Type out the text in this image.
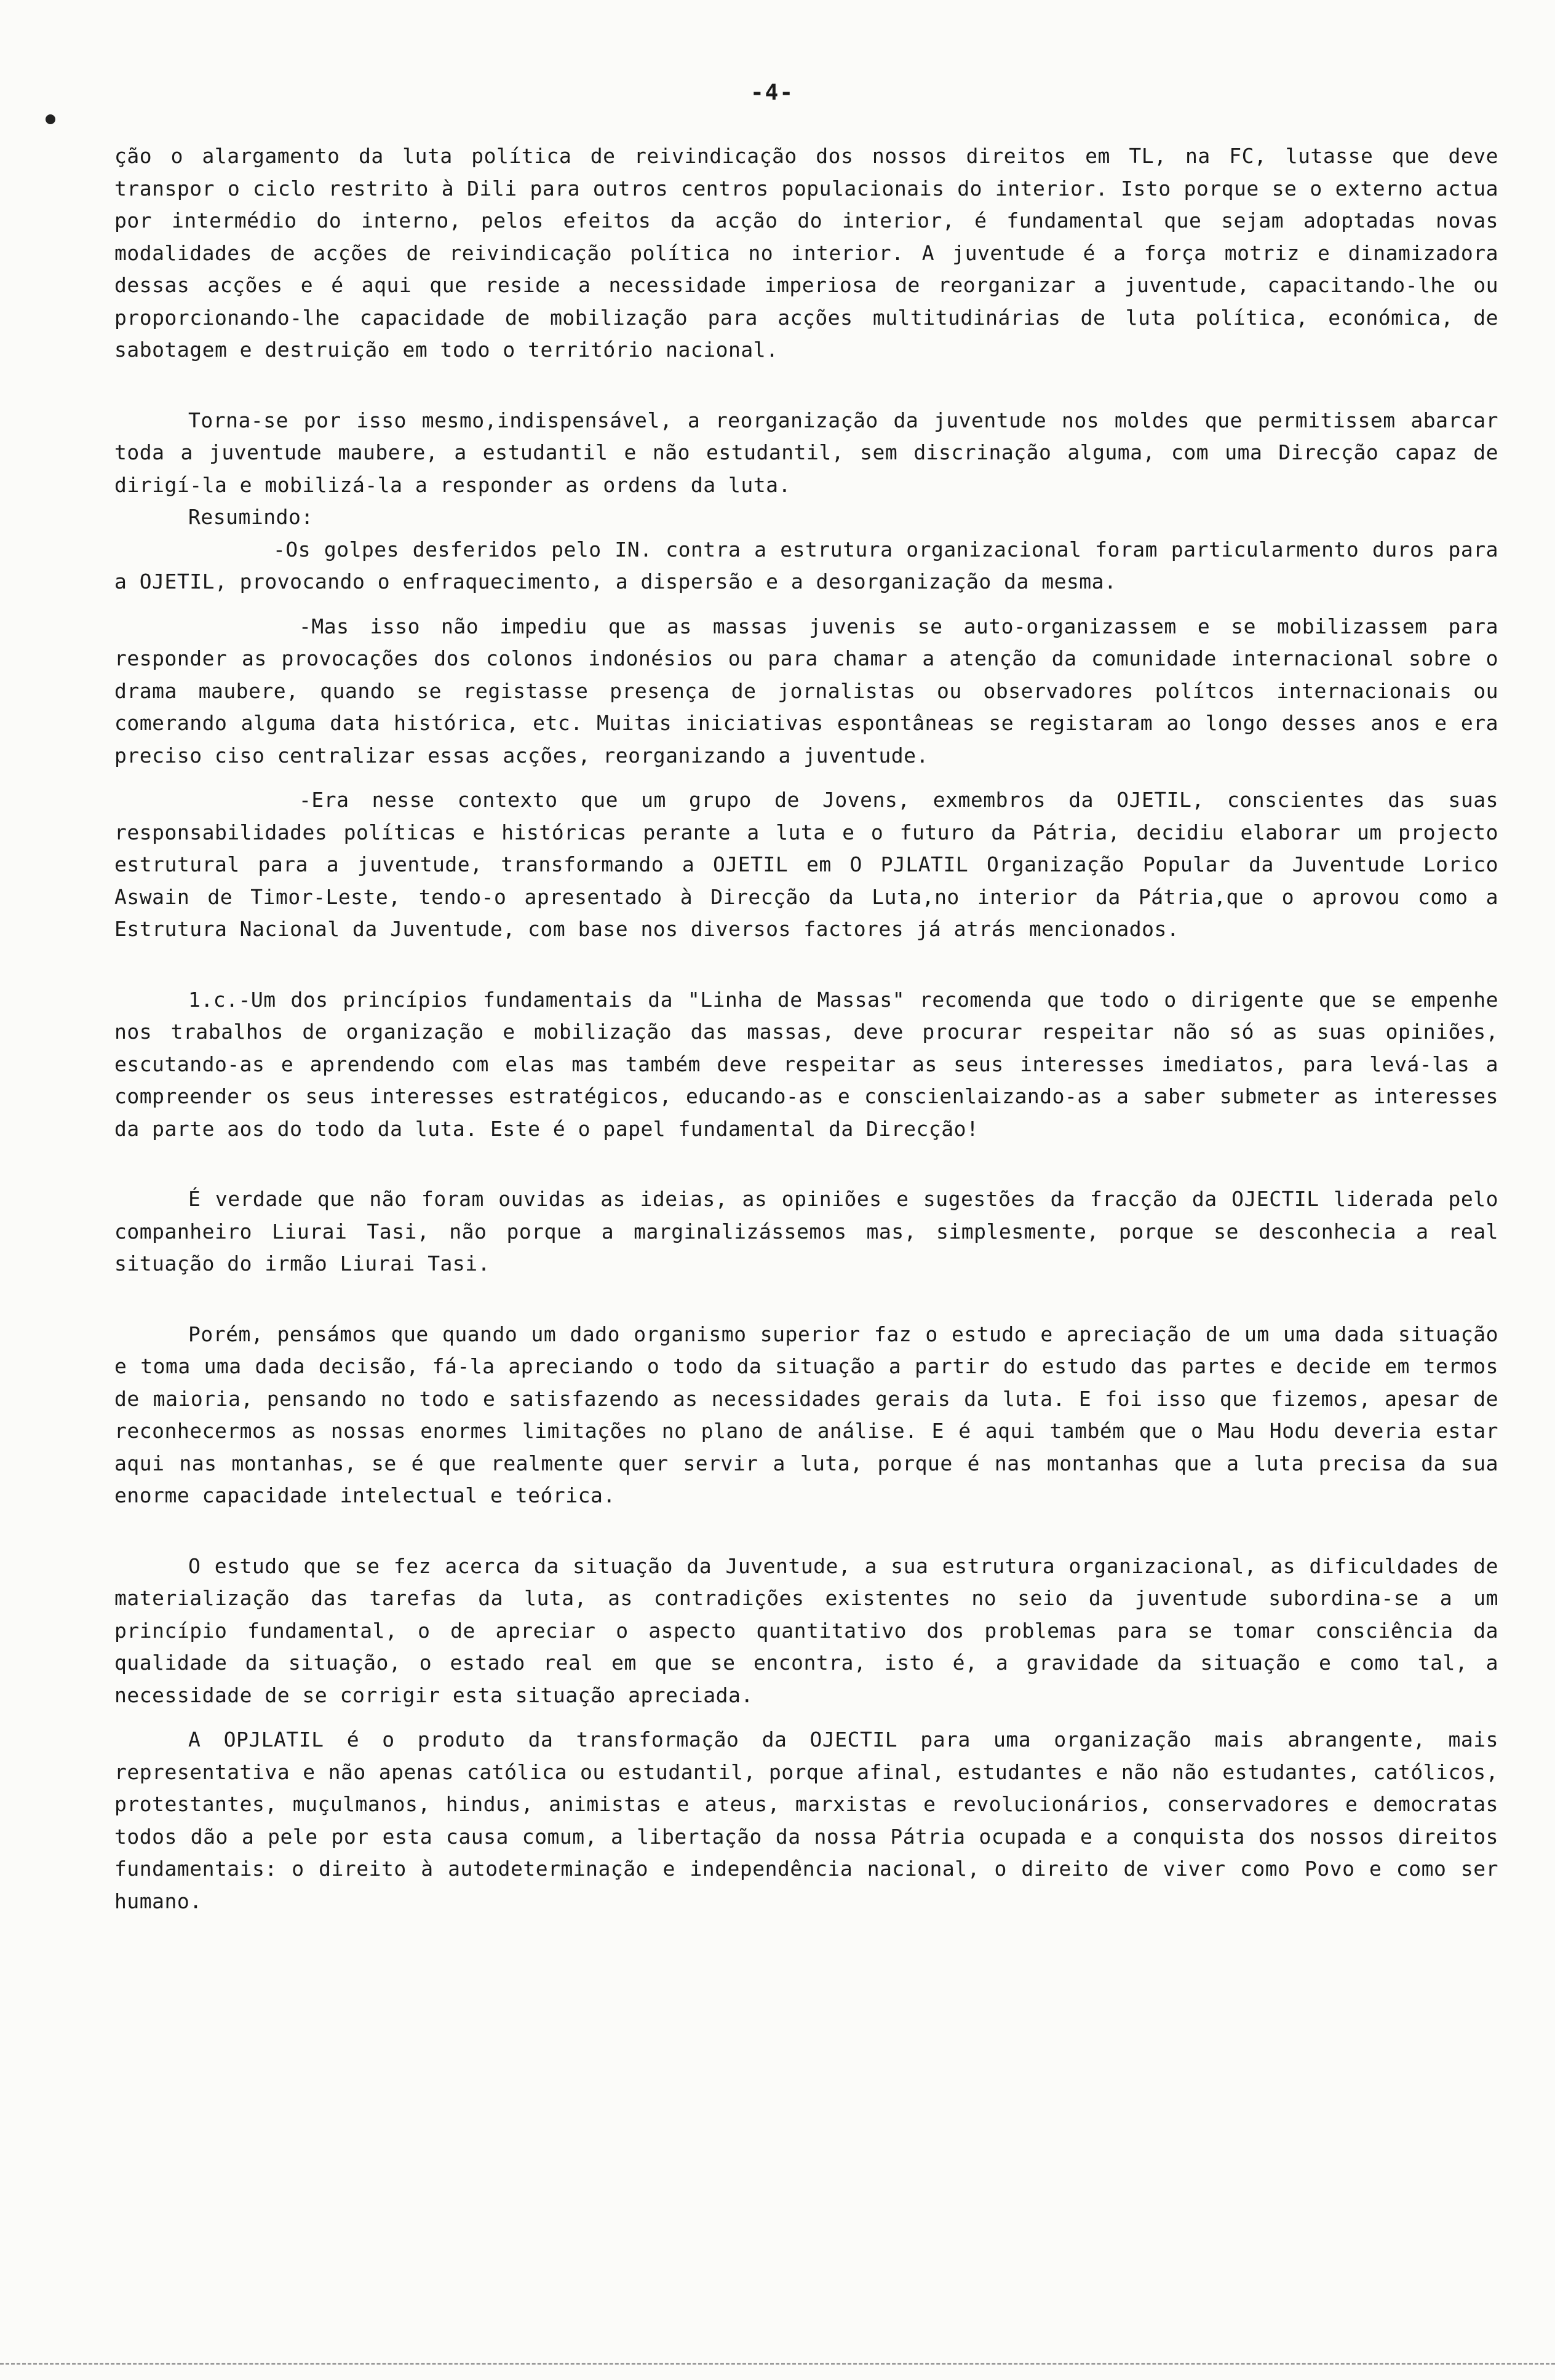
-4-

ção o alargamento da luta política de reivindicação dos nossos direitos em TL, na FC, lutasse que deve transpor o ciclo restrito à Dili para outros centros populacionais do interior. Isto porque se o externo actua por intermédio do interno, pelos efeitos da acção do interior, é fundamental que sejam adoptadas novas modalidades de acções de reivindicação política no interior. A juventude é a força motriz e dinamizadora dessas acções e é aqui que reside a necessidade imperiosa de reorganizar a juventude, capacitando-lhe ou proporcionando-lhe capacidade de mobilização para acções multitudinárias de luta política, económica, de sabotagem e destruição em todo o território nacional.

Torna-se por isso mesmo,indispensável, a reorganização da juventude nos moldes que permitissem abarcar toda a juventude maubere, a estudantil e não estudantil, sem discrinação alguma, com uma Direcção capaz de dirigí-la e mobilizá-la a responder as ordens da luta.

Resumindo:

-Os golpes desferidos pelo IN. contra a estrutura organizacional foram particularmento duros para a OJETIL, provocando o enfraquecimento, a dispersão e a desorganização da mesma.

-Mas isso não impediu que as massas juvenis se auto-organizassem e se mobilizassem para responder as provocações dos colonos indonésios ou para chamar a atenção da comunidade internacional sobre o drama maubere, quando se registasse presença de jornalistas ou observadores polítcos internacionais ou comerando alguma data histórica, etc. Muitas iniciativas espontâneas se registaram ao longo desses anos e era preciso ciso centralizar essas acções, reorganizando a juventude.

-Era nesse contexto que um grupo de Jovens, exmembros da OJETIL, conscientes das suas responsabilidades políticas e históricas perante a luta e o futuro da Pátria, decidiu elaborar um projecto estrutural para a juventude, transformando a OJETIL em O PJLATIL Organização Popular da Juventude Lorico Aswain de Timor-Leste, tendo-o apresentado à Direcção da Luta,no interior da Pátria,que o aprovou como a Estrutura Nacional da Juventude, com base nos diversos factores já atrás mencionados.

1.c.-Um dos princípios fundamentais da "Linha de Massas" recomenda que todo o dirigente que se empenhe nos trabalhos de organização e mobilização das massas, deve procurar respeitar não só as suas opiniões, escutando-as e aprendendo com elas mas também deve respeitar as seus interesses imediatos, para levá-las a compreender os seus interesses estratégicos, educando-as e conscienlaizando-as a saber submeter as interesses da parte aos do todo da luta. Este é o papel fundamental da Direcção!

É verdade que não foram ouvidas as ideias, as opiniões e sugestões da fracção da OJECTIL liderada pelo companheiro Liurai Tasi, não porque a marginalizássemos mas, simplesmente, porque se desconhecia a real situação do irmão Liurai Tasi.

Porém, pensámos que quando um dado organismo superior faz o estudo e apreciação de um uma dada situação e toma uma dada decisão, fá-la apreciando o todo da situação a partir do estudo das partes e decide em termos de maioria, pensando no todo e satisfazendo as necessidades gerais da luta. E foi isso que fizemos, apesar de reconhecermos as nossas enormes limitações no plano de análise. E é aqui também que o Mau Hodu deveria estar aqui nas montanhas, se é que realmente quer servir a luta, porque é nas montanhas que a luta precisa da sua enorme capacidade intelectual e teórica.

O estudo que se fez acerca da situação da Juventude, a sua estrutura organizacional, as dificuldades de materialização das tarefas da luta, as contradições existentes no seio da juventude subordina-se a um princípio fundamental, o de apreciar o aspecto quantitativo dos problemas para se tomar consciência da qualidade da situação, o estado real em que se encontra, isto é, a gravidade da situação e como tal, a necessidade de se corrigir esta situação apreciada.

A OPJLATIL é o produto da transformação da OJECTIL para uma organização mais abrangente, mais representativa e não apenas católica ou estudantil, porque afinal, estudantes e não não estudantes, católicos, protestantes, muçulmanos, hindus, animistas e ateus, marxistas e revolucionários, conservadores e democratas todos dão a pele por esta causa comum, a libertação da nossa Pátria ocupada e a conquista dos nossos direitos fundamentais: o direito à autodeterminação e independência nacional, o direito de viver como Povo e como ser humano.
